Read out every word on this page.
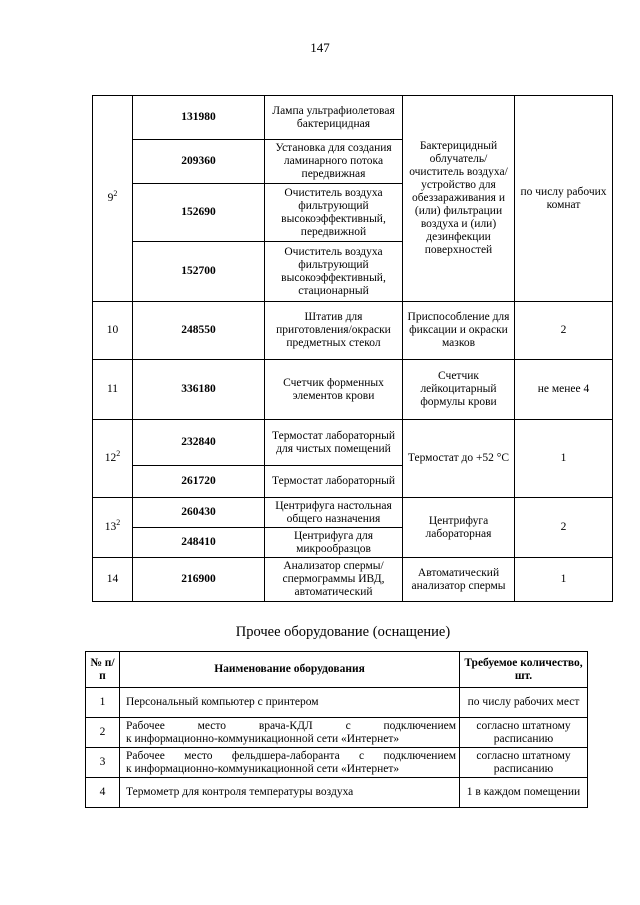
147
$9^2$	131980	Лампа ультрафиолетовая бактерицидная	Бактерицидный облучатель/ очиститель воздуха/ устройство для обеззараживания и (или) фильтрации воздуха и (или) дезинфекции поверхностей	по числу рабочих комнат
	209360	Установка для создания ламинарного потока передвижная		
	152690	Очиститель воздуха фильтрующий высокоэффективный, передвижной		
	152700	Очиститель воздуха фильтрующий высокоэффективный, стационарный		
10	248550	Штатив для приготовления/окраски предметных стекол	Приспособление для фиксации и окраски мазков	2
11	336180	Счетчик форменных элементов крови	Счетчик лейкоцитарный формулы крови	не менее 4
$12^2$	232840	Термостат лабораторный для чистых помещений	Термостат до +52 °С	1
	261720	Термостат лабораторный		
$13^2$	260430	Центрифуга настольная общего назначения	Центрифуга лабораторная	2
	248410	Центрифуга для микрообразцов		
14	216900	Анализатор спермы/спермограммы ИВД, автоматический	Автоматический анализатор спермы	1
Прочее оборудование (оснащение)
№ п/п	Наименование оборудования	Требуемое количество, шт.
1	Персональный компьютер с принтером	по числу рабочих мест
2	Рабочее место врача-КДЛ с подключением
к информационно-коммуникационной сети «Интернет»	согласно штатному расписанию
3	Рабочее место фельдшера-лаборанта с подключением
к информационно-коммуникационной сети «Интернет»	согласно штатному расписанию
4	Термометр для контроля температуры воздуха	1 в каждом помещении
